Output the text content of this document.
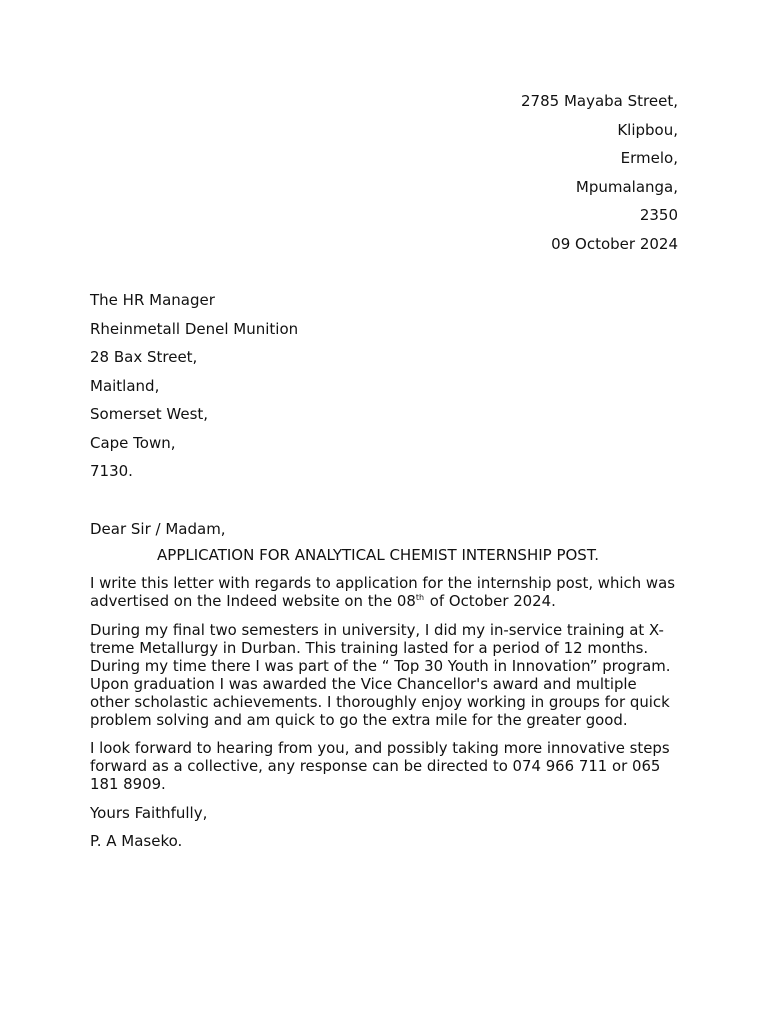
2785 Mayaba Street,
Klipbou,
Ermelo,
Mpumalanga,
2350
09 October 2024
The HR Manager
Rheinmetall Denel Munition
28 Bax Street,
Maitland,
Somerset West,
Cape Town,
7130.
Dear Sir / Madam,
APPLICATION FOR ANALYTICAL CHEMIST INTERNSHIP POST.

I write this letter with regards to application for the internship post, which was advertised on the Indeed website on the 08th of October 2024.

During my final two semesters in university, I did my in-service training at X-treme Metallurgy in Durban. This training lasted for a period of 12 months. During my time there I was part of the “ Top 30 Youth in Innovation” program. Upon graduation I was awarded the Vice Chancellor's award and multiple other scholastic achievements. I thoroughly enjoy working in groups for quick problem solving and am quick to go the extra mile for the greater good.

I look forward to hearing from you, and possibly taking more innovative steps forward as a collective, any response can be directed to 074 966 711 or 065 181 8909.

Yours Faithfully,

P. A Maseko.
